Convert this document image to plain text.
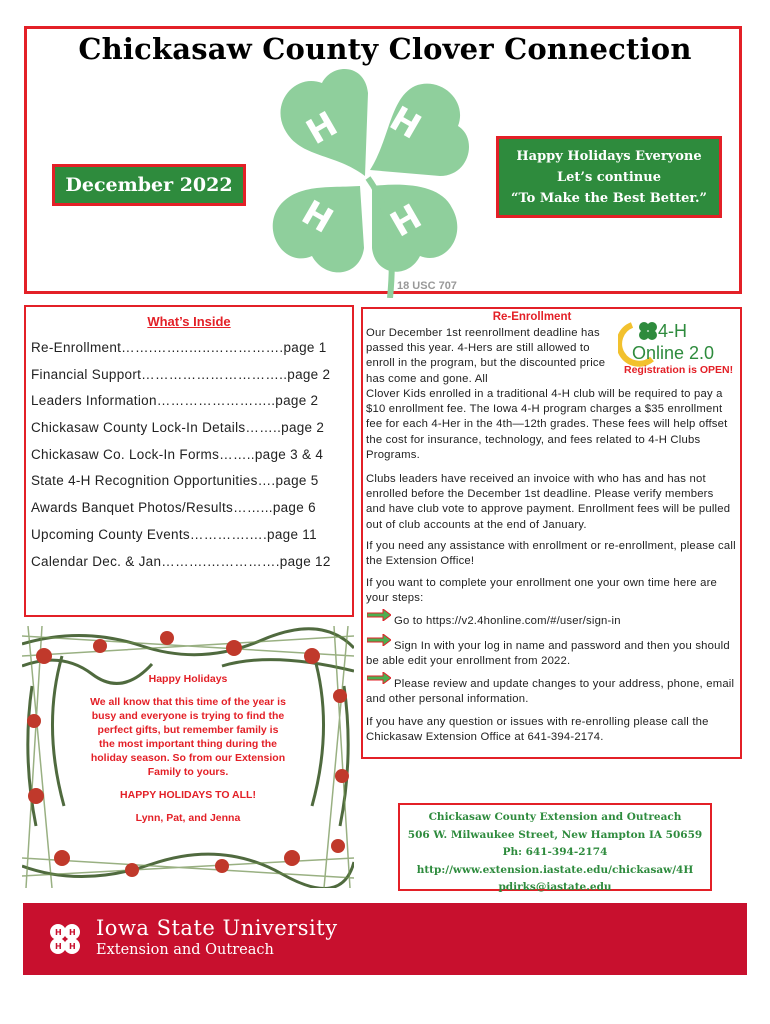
H H
H H
Chickasaw County Clover Connection
18 USC 707
December 2022
Happy Holidays Everyone
Let’s continue
“To Make the Best Better.”
What’s Inside
Re-Enrollment…….……..…..…………….page 1
Financial Support…………………………..page 2
Leaders Information……………………..page 2
Chickasaw County Lock-In Details……..page 2
Chickasaw Co. Lock-In Forms……..page 3 & 4
State 4-H Recognition Opportunities….page 5
Awards Banquet Photos/Results……...page 6
Upcoming County Events………….….page 11
Calendar Dec. & Jan……….…………….page 12

Happy Holidays

We all know that this time of the year is busy and everyone is trying to find the perfect gifts, but remember family is the most important thing during the holiday season. So from our Extension Family to yours.

HAPPY HOLIDAYS TO ALL!

Lynn, Pat, and Jenna

Re-Enrollment

Our December 1st reenrollment deadline has passed this year. 4-Hers are still allowed to enroll in the program, but the discounted price has come and gone. All

Clover Kids enrolled in a traditional 4-H club will be required to pay a $10 enrollment fee. The Iowa 4-H program charges a $35 enrollment fee for each 4-Her in the 4th—12th grades. These fees will help offset the cost for insurance, technology, and fees related to 4-H Clubs Programs.

Clubs leaders have received an invoice with who has and has not enrolled before the December 1st deadline. Please verify members and have club vote to approve payment. Enrollment fees will be pulled out of club accounts at the end of January.

If you need any assistance with enrollment or re-enrollment, please call the Extension Office!

If you want to complete your enrollment one your own time here are your steps:

Go to https://v2.4honline.com/#/user/sign-in

Sign In with your log in name and password and then you should be able edit your enrollment from 2022.

Please review and update changes to your address, phone, email and other personal information.

If you have any question or issues with re-enrolling please call the Chickasaw Extension Office at 641-394-2174.

4-H
Online 2.0
Registration is OPEN!
Chickasaw County Extension and Outreach
506 W. Milwaukee Street, New Hampton IA 50659
Ph: 641-394-2174
http://www.extension.iastate.edu/chickasaw/4H
pdirks@iastate.edu
H H
H H
Iowa State University
Extension and Outreach
